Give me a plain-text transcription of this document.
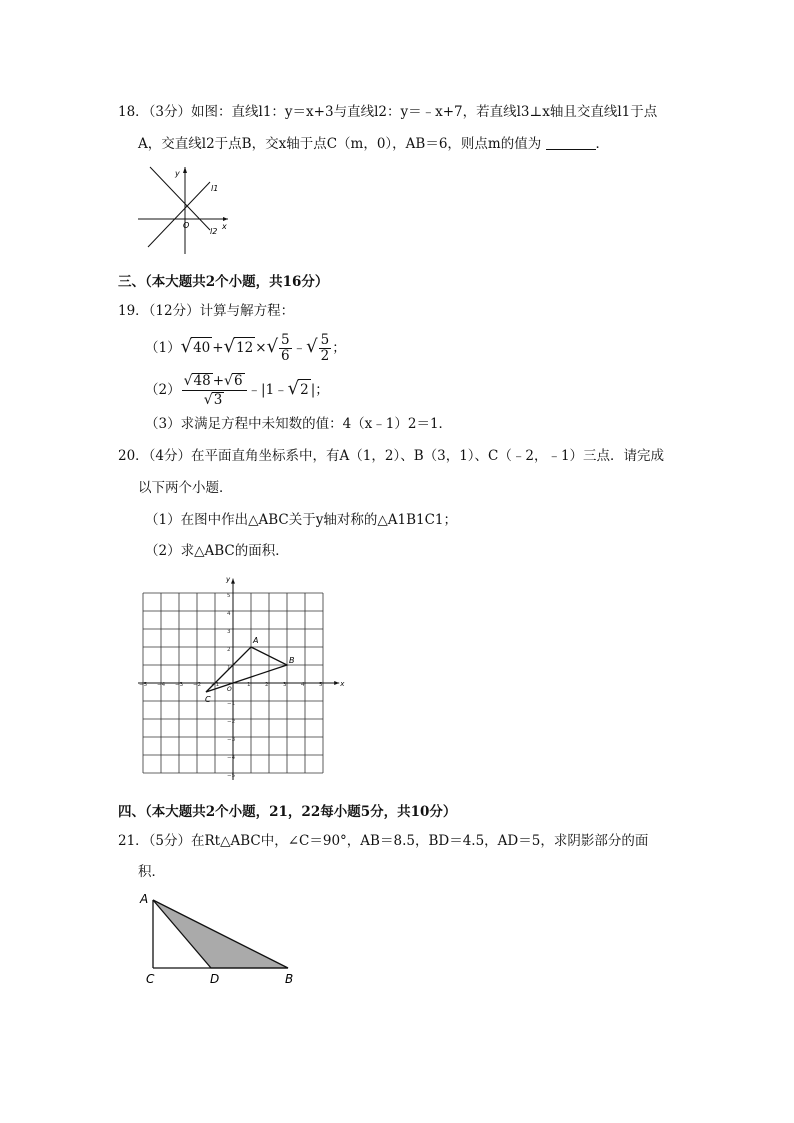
18．（3分）如图：直线l1：y＝x+3与直线l2：y＝﹣x+7，若直线l3⊥x轴且交直线l1于点
A，交直线l2于点B，交x轴于点C（m，0），AB＝6，则点m的值为	．
y
x
O
l1
l2
三、（本大题共2个小题，共16分）
19．（12分）计算与解方程：
（1）√40 +√12 ×√ $\frac{5}{6}$ ﹣√ $\frac{5}{2}$ ；
$(2) \frac{√48 +√6}{√3}$ ﹣|1﹣√2 |；
（3）求满足方程中未知数的值：4（x﹣1）2＝1．
20．（4分）在平面直角坐标系中，有A（1，2）、B（3，1）、C（﹣2，﹣1）三点．请完成
以下两个小题．
（1）在图中作出△ABC关于y轴对称的△A1B1C1；
（2）求△ABC的面积．
−5 −4 −3 −2 −1	1	2	3	4	5
5
4
3
2
1
−1
−2
−3
−4
−5
O
x
y
A
B
C
四、（本大题共2个小题，21，22每小题5分，共10分）
21．（5分）在Rt△ABC中，∠C＝90°，AB＝8.5，BD＝4.5，AD＝5，求阴影部分的面
积．
A
C	D	B
